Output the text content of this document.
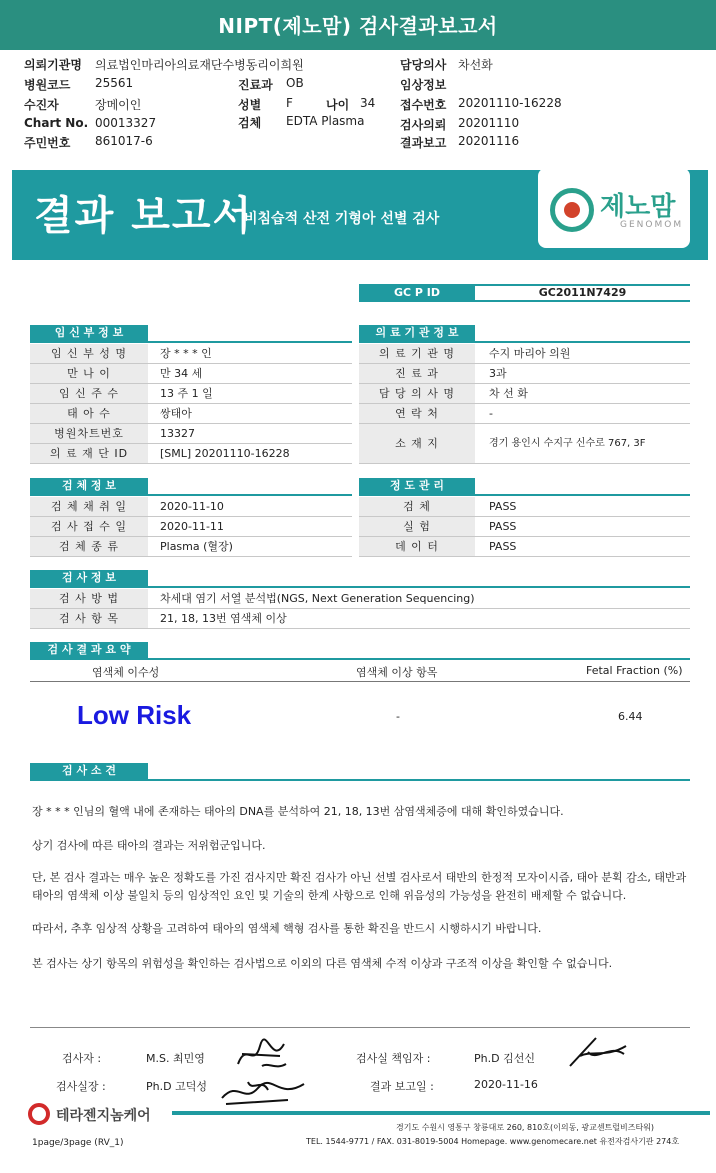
NIPT(제노맘) 검사결과보고서
의뢰기관명 의료법인마리아의료재단수병동리이희원
병원코드 25561
수진자	장메이인
Chart No. 00013327
주민번호 861017-6
진료과 OB
성별 F	나이 34
검체 EDTA Plasma
담당의사 차선화
임상정보
접수번호 20201110-16228
검사의뢰 20201110
결과보고 20201116
결과 보고서
비침습적 산전 기형아 선별 검사	제노맘
GENOMOM
GC P ID	GC2011N7429
임 신 부 정 보
임 신 부 성 명	장 * * * 인
만 나 이	만 34 세
임 신 주 수	13 주 1 일
태 아 수	쌍태아
병원차트번호	13327
의 료 재 단 ID	[SML] 20201110-16228
의 료 기 관 정 보
의 료 기 관 명	수지 마리아 의원
진 료 과	3과
담 당 의 사 명	차 선 화
연 락 처	-
소 재 지	경기 용인시 수지구 신수로 767, 3F
검 체 정 보
검 체 채 취 일	2020-11-10
검 사 접 수 일	2020-11-11
검 체 종 류	Plasma (혈장)
정 도 관 리
검 체	PASS
실 험	PASS
데 이 터	PASS
검 사 정 보
검 사 방 법	차세대 염기 서열 분석법(NGS, Next Generation Sequencing)
검 사 항 목	21, 18, 13번 염색체 이상
검 사 결 과 요 약
염색체 이수성	염색체 이상 항목	Fetal Fraction (%)
Low Risk	-	6.44
검 사 소 견
장 * * * 인님의 혈액 내에 존재하는 태아의 DNA를 분석하여 21, 18, 13번 삼염색체증에 대해 확인하였습니다.
상기 검사에 따른 태아의 결과는 저위험군입니다.
단, 본 검사 결과는 매우 높은 정확도를 가진 검사지만 확진 검사가 아닌 선별 검사로서 태반의 한정적 모자이시즘, 태아 분획 감소, 태반과 태아의 염색체 이상 불일치 등의 임상적인 요인 및 기술의 한계 사항으로 인해 위음성의 가능성을 완전히 배제할 수 없습니다.
따라서, 추후 임상적 상황을 고려하여 태아의 염색체 핵형 검사를 통한 확진을 반드시 시행하시기 바랍니다.
본 검사는 상기 항목의 위험성을 확인하는 검사법으로 이외의 다른 염색체 수적 이상과 구조적 이상을 확인할 수 없습니다.
검사자 :	M.S. 최민영
검사실장 :	Ph.D 고덕성
검사실 책임자 :	Ph.D 김선신
결과 보고일 :	2020-11-16
테라젠지놈케어
경기도 수원시 영통구 창룡대로 260, 810호(이의동, 광교센트럴비즈타워)
TEL. 1544-9771 / FAX. 031-8019-5004 Homepage. www.genomecare.net 유전자검사기관 274호
1page/3page (RV_1)
